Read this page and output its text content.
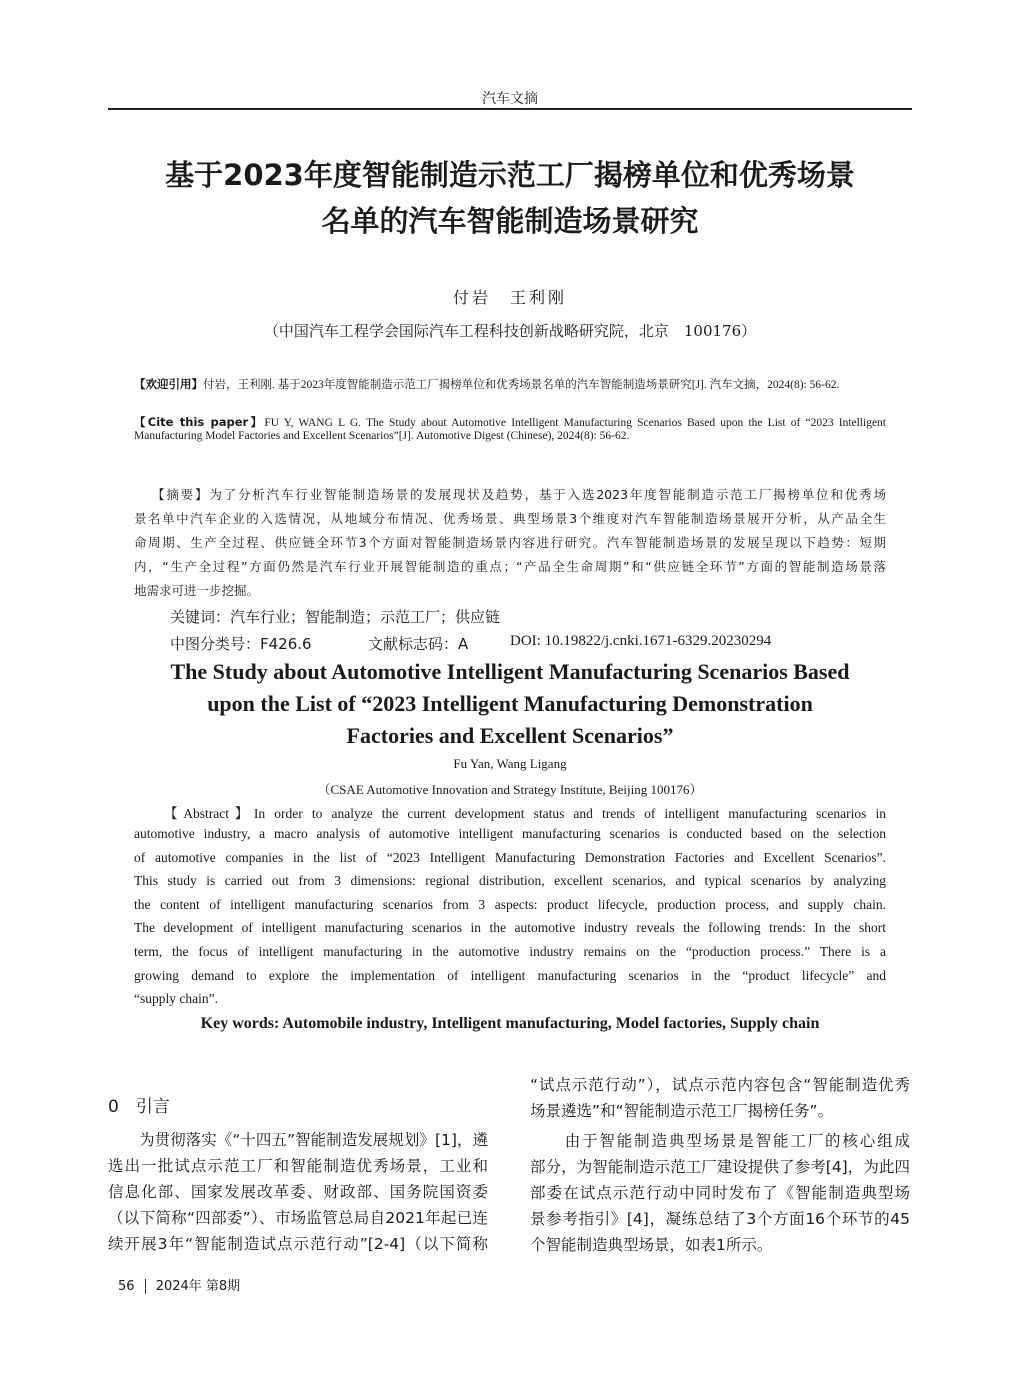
汽车文摘
基于2023年度智能制造示范工厂揭榜单位和优秀场景
名单的汽车智能制造场景研究
付岩　王利刚
（中国汽车工程学会国际汽车工程科技创新战略研究院，北京　100176）
【欢迎引用】付岩，王利刚. 基于2023年度智能制造示范工厂揭榜单位和优秀场景名单的汽车智能制造场景研究[J]. 汽车文摘，2024(8): 56-62.
【Cite this paper】FU Y, WANG L G. The Study about Automotive Intelligent Manufacturing Scenarios Based upon the List of “2023 Intelligent Manufacturing Model Factories and Excellent Scenarios”[J]. Automotive Digest (Chinese), 2024(8): 56-62.
【摘要】为了分析汽车行业智能制造场景的发展现状及趋势，基于入选2023年度智能制造示范工厂揭榜单位和优秀场
景名单中汽车企业的入选情况，从地域分布情况、优秀场景、典型场景3个维度对汽车智能制造场景展开分析，从产品全生
命周期、生产全过程、供应链全环节3个方面对智能制造场景内容进行研究。汽车智能制造场景的发展呈现以下趋势：短期
内，“生产全过程”方面仍然是汽车行业开展智能制造的重点；“产品全生命周期”和“供应链全环节”方面的智能制造场景落
地需求可进一步挖掘。
关键词：汽车行业；智能制造；示范工厂；供应链
中图分类号：F426.6	文献标志码：A	DOI: 10.19822/j.cnki.1671-6329.20230294
The Study about Automotive Intelligent Manufacturing Scenarios Based
upon the List of “2023 Intelligent Manufacturing Demonstration
Factories and Excellent Scenarios”
Fu Yan, Wang Ligang
（CSAE Automotive Innovation and Strategy Institute, Beijing 100176）
【Abstract】In order to analyze the current development status and trends of intelligent manufacturing scenarios in
automotive industry, a macro analysis of automotive intelligent manufacturing scenarios is conducted based on the selection
of automotive companies in the list of “2023 Intelligent Manufacturing Demonstration Factories and Excellent Scenarios”.
This study is carried out from 3 dimensions: regional distribution, excellent scenarios, and typical scenarios by analyzing
the content of intelligent manufacturing scenarios from 3 aspects: product lifecycle, production process, and supply chain.
The development of intelligent manufacturing scenarios in the automotive industry reveals the following trends: In the short
term, the focus of intelligent manufacturing in the automotive industry remains on the “production process.” There is a
growing demand to explore the implementation of intelligent manufacturing scenarios in the “product lifecycle” and
“supply chain”.
Key words: Automobile industry, Intelligent manufacturing, Model factories, Supply chain
0　引言
　　为贯彻落实《“十四五”智能制造发展规划》[1]，遴
选出一批试点示范工厂和智能制造优秀场景，工业和
信息化部、国家发展改革委、财政部、国务院国资委
（以下简称“四部委”）、市场监管总局自2021年起已连
续开展3年“智能制造试点示范行动”[2-4]（以下简称
“试点示范行动”），试点示范内容包含“智能制造优秀
场景遴选”和“智能制造示范工厂揭榜任务”。
　　由于智能制造典型场景是智能工厂的核心组成
部分，为智能制造示范工厂建设提供了参考[4]，为此四
部委在试点示范行动中同时发布了《智能制造典型场
景参考指引》[4]，凝练总结了3个方面16个环节的45
个智能制造典型场景，如表1所示。
56 2024年 第8期
